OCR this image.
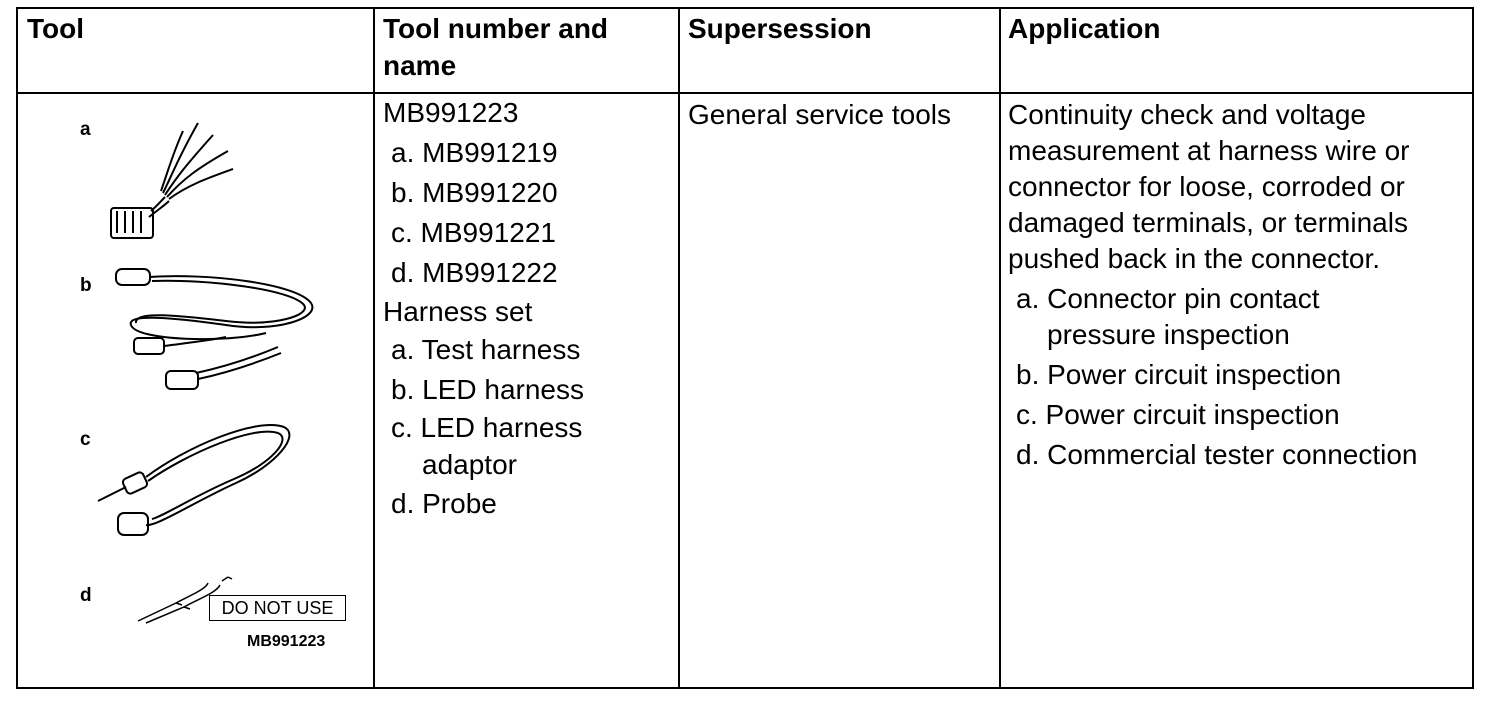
Tool	Tool number and
name
Supersession	Application
a
b
c
d
DO NOT USE
MB991223
MB991223
a. MB991219
b. MB991220
c. MB991221
d. MB991222
Harness set
a. Test harness
b. LED harness
c. LED harness
adaptor
d. Probe
General service tools Continuity check and voltage
measurement at harness wire or
connector for loose, corroded or
damaged terminals, or terminals
pushed back in the connector.
a. Connector pin contact
pressure inspection
b. Power circuit inspection
c. Power circuit inspection
d. Commercial tester connection
